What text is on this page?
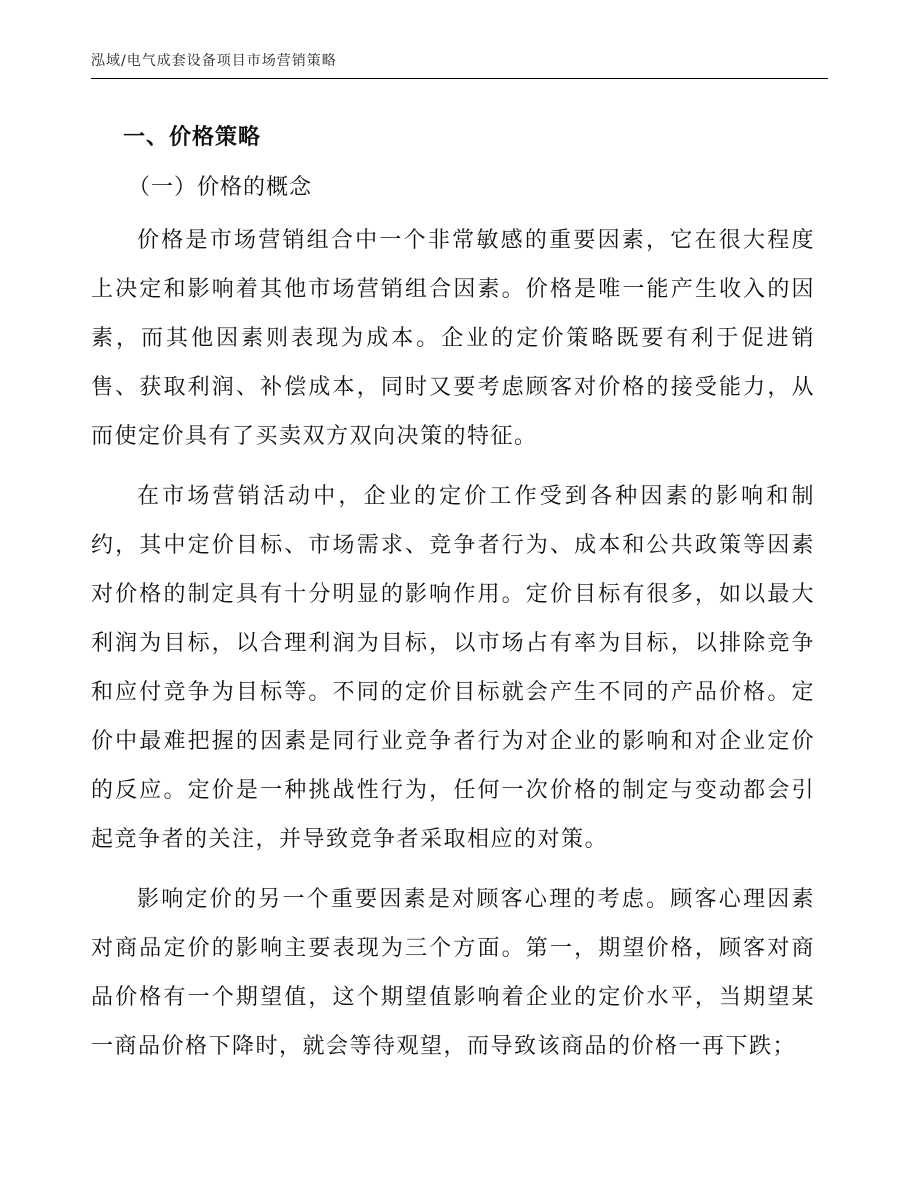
泓域/电气成套设备项目市场营销策略
一、价格策略
（一）价格的概念

价格是市场营销组合中一个非常敏感的重要因素，它在很大程度上决定和影响着其他市场营销组合因素。价格是唯一能产生收入的因素，而其他因素则表现为成本。企业的定价策略既要有利于促进销售、获取利润、补偿成本，同时又要考虑顾客对价格的接受能力，从而使定价具有了买卖双方双向决策的特征。

在市场营销活动中，企业的定价工作受到各种因素的影响和制约，其中定价目标、市场需求、竞争者行为、成本和公共政策等因素对价格的制定具有十分明显的影响作用。定价目标有很多，如以最大利润为目标，以合理利润为目标，以市场占有率为目标，以排除竞争和应付竞争为目标等。不同的定价目标就会产生不同的产品价格。定价中最难把握的因素是同行业竞争者行为对企业的影响和对企业定价的反应。定价是一种挑战性行为，任何一次价格的制定与变动都会引起竞争者的关注，并导致竞争者采取相应的对策。

影响定价的另一个重要因素是对顾客心理的考虑。顾客心理因素对商品定价的影响主要表现为三个方面。第一，期望价格，顾客对商品价格有一个期望值，这个期望值影响着企业的定价水平，当期望某一商品价格下降时，就会等待观望，而导致该商品的价格一再下跌；
